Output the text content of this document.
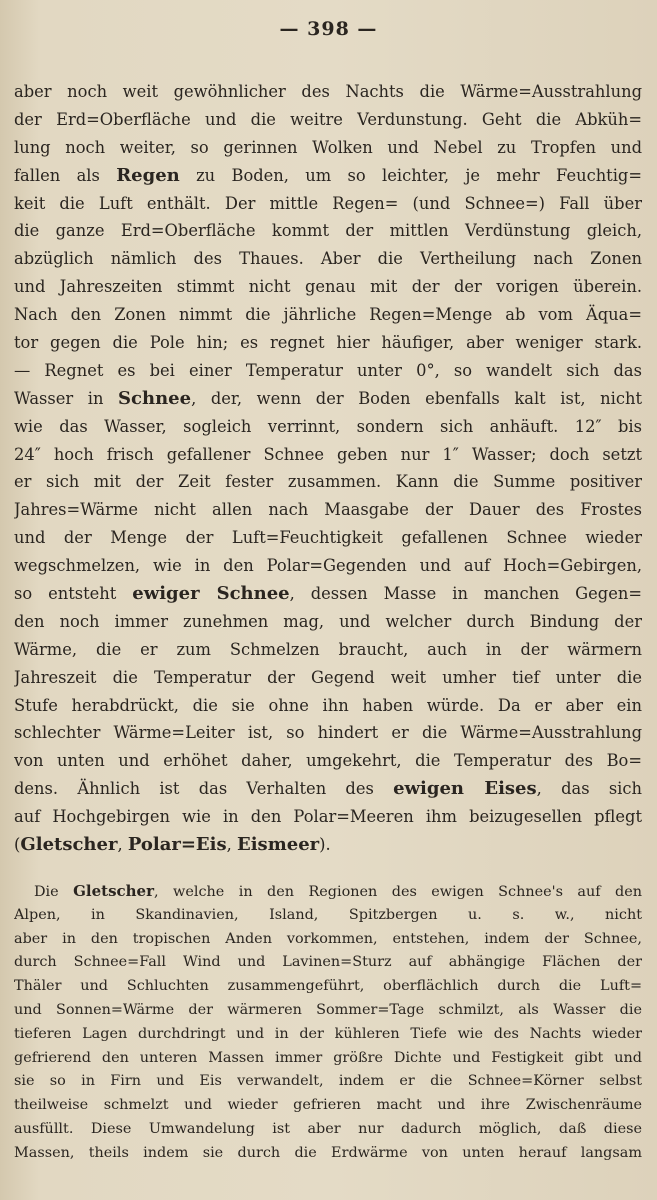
— 398 —
aber noch weit gewöhnlicher des Nachts die Wärme=Ausstrahlung
der Erd=Oberfläche und die weitre Verdunstung. Geht die Abküh=
lung noch weiter, so gerinnen Wolken und Nebel zu Tropfen und
fallen als Regen zu Boden, um so leichter, je mehr Feuchtig=
keit die Luft enthält. Der mittle Regen= (und Schnee=) Fall über
die ganze Erd=Oberfläche kommt der mittlen Verdünstung gleich,
abzüglich nämlich des Thaues. Aber die Vertheilung nach Zonen
und Jahreszeiten stimmt nicht genau mit der der vorigen überein.
Nach den Zonen nimmt die jährliche Regen=Menge ab vom Äqua=
tor gegen die Pole hin; es regnet hier häufiger, aber weniger stark.
— Regnet es bei einer Temperatur unter 0°, so wandelt sich das
Wasser in Schnee, der, wenn der Boden ebenfalls kalt ist, nicht
wie das Wasser, sogleich verrinnt, sondern sich anhäuft. 12″ bis
24″ hoch frisch gefallener Schnee geben nur 1″ Wasser; doch setzt
er sich mit der Zeit fester zusammen. Kann die Summe positiver
Jahres=Wärme nicht allen nach Maasgabe der Dauer des Frostes
und der Menge der Luft=Feuchtigkeit gefallenen Schnee wieder
wegschmelzen, wie in den Polar=Gegenden und auf Hoch=Gebirgen,
so entsteht ewiger Schnee, dessen Masse in manchen Gegen=
den noch immer zunehmen mag, und welcher durch Bindung der
Wärme, die er zum Schmelzen braucht, auch in der wärmern
Jahreszeit die Temperatur der Gegend weit umher tief unter die
Stufe herabdrückt, die sie ohne ihn haben würde. Da er aber ein
schlechter Wärme=Leiter ist, so hindert er die Wärme=Ausstrahlung
von unten und erhöhet daher, umgekehrt, die Temperatur des Bo=
dens. Ähnlich ist das Verhalten des ewigen Eises, das sich
auf Hochgebirgen wie in den Polar=Meeren ihm beizugesellen pflegt
(Gletscher, Polar=Eis, Eismeer).
Die Gletscher, welche in den Regionen des ewigen Schnee's auf den
Alpen, in Skandinavien, Island, Spitzbergen u. s. w., nicht
aber in den tropischen Anden vorkommen, entstehen, indem der Schnee,
durch Schnee=Fall Wind und Lavinen=Sturz auf abhängige Flächen der
Thäler und Schluchten zusammengeführt, oberflächlich durch die Luft=
und Sonnen=Wärme der wärmeren Sommer=Tage schmilzt, als Wasser die
tieferen Lagen durchdringt und in der kühleren Tiefe wie des Nachts wieder
gefrierend den unteren Massen immer größre Dichte und Festigkeit gibt und
sie so in Firn und Eis verwandelt, indem er die Schnee=Körner selbst
theilweise schmelzt und wieder gefrieren macht und ihre Zwischenräume
ausfüllt. Diese Umwandelung ist aber nur dadurch möglich, daß diese
Massen, theils indem sie durch die Erdwärme von unten herauf langsam
